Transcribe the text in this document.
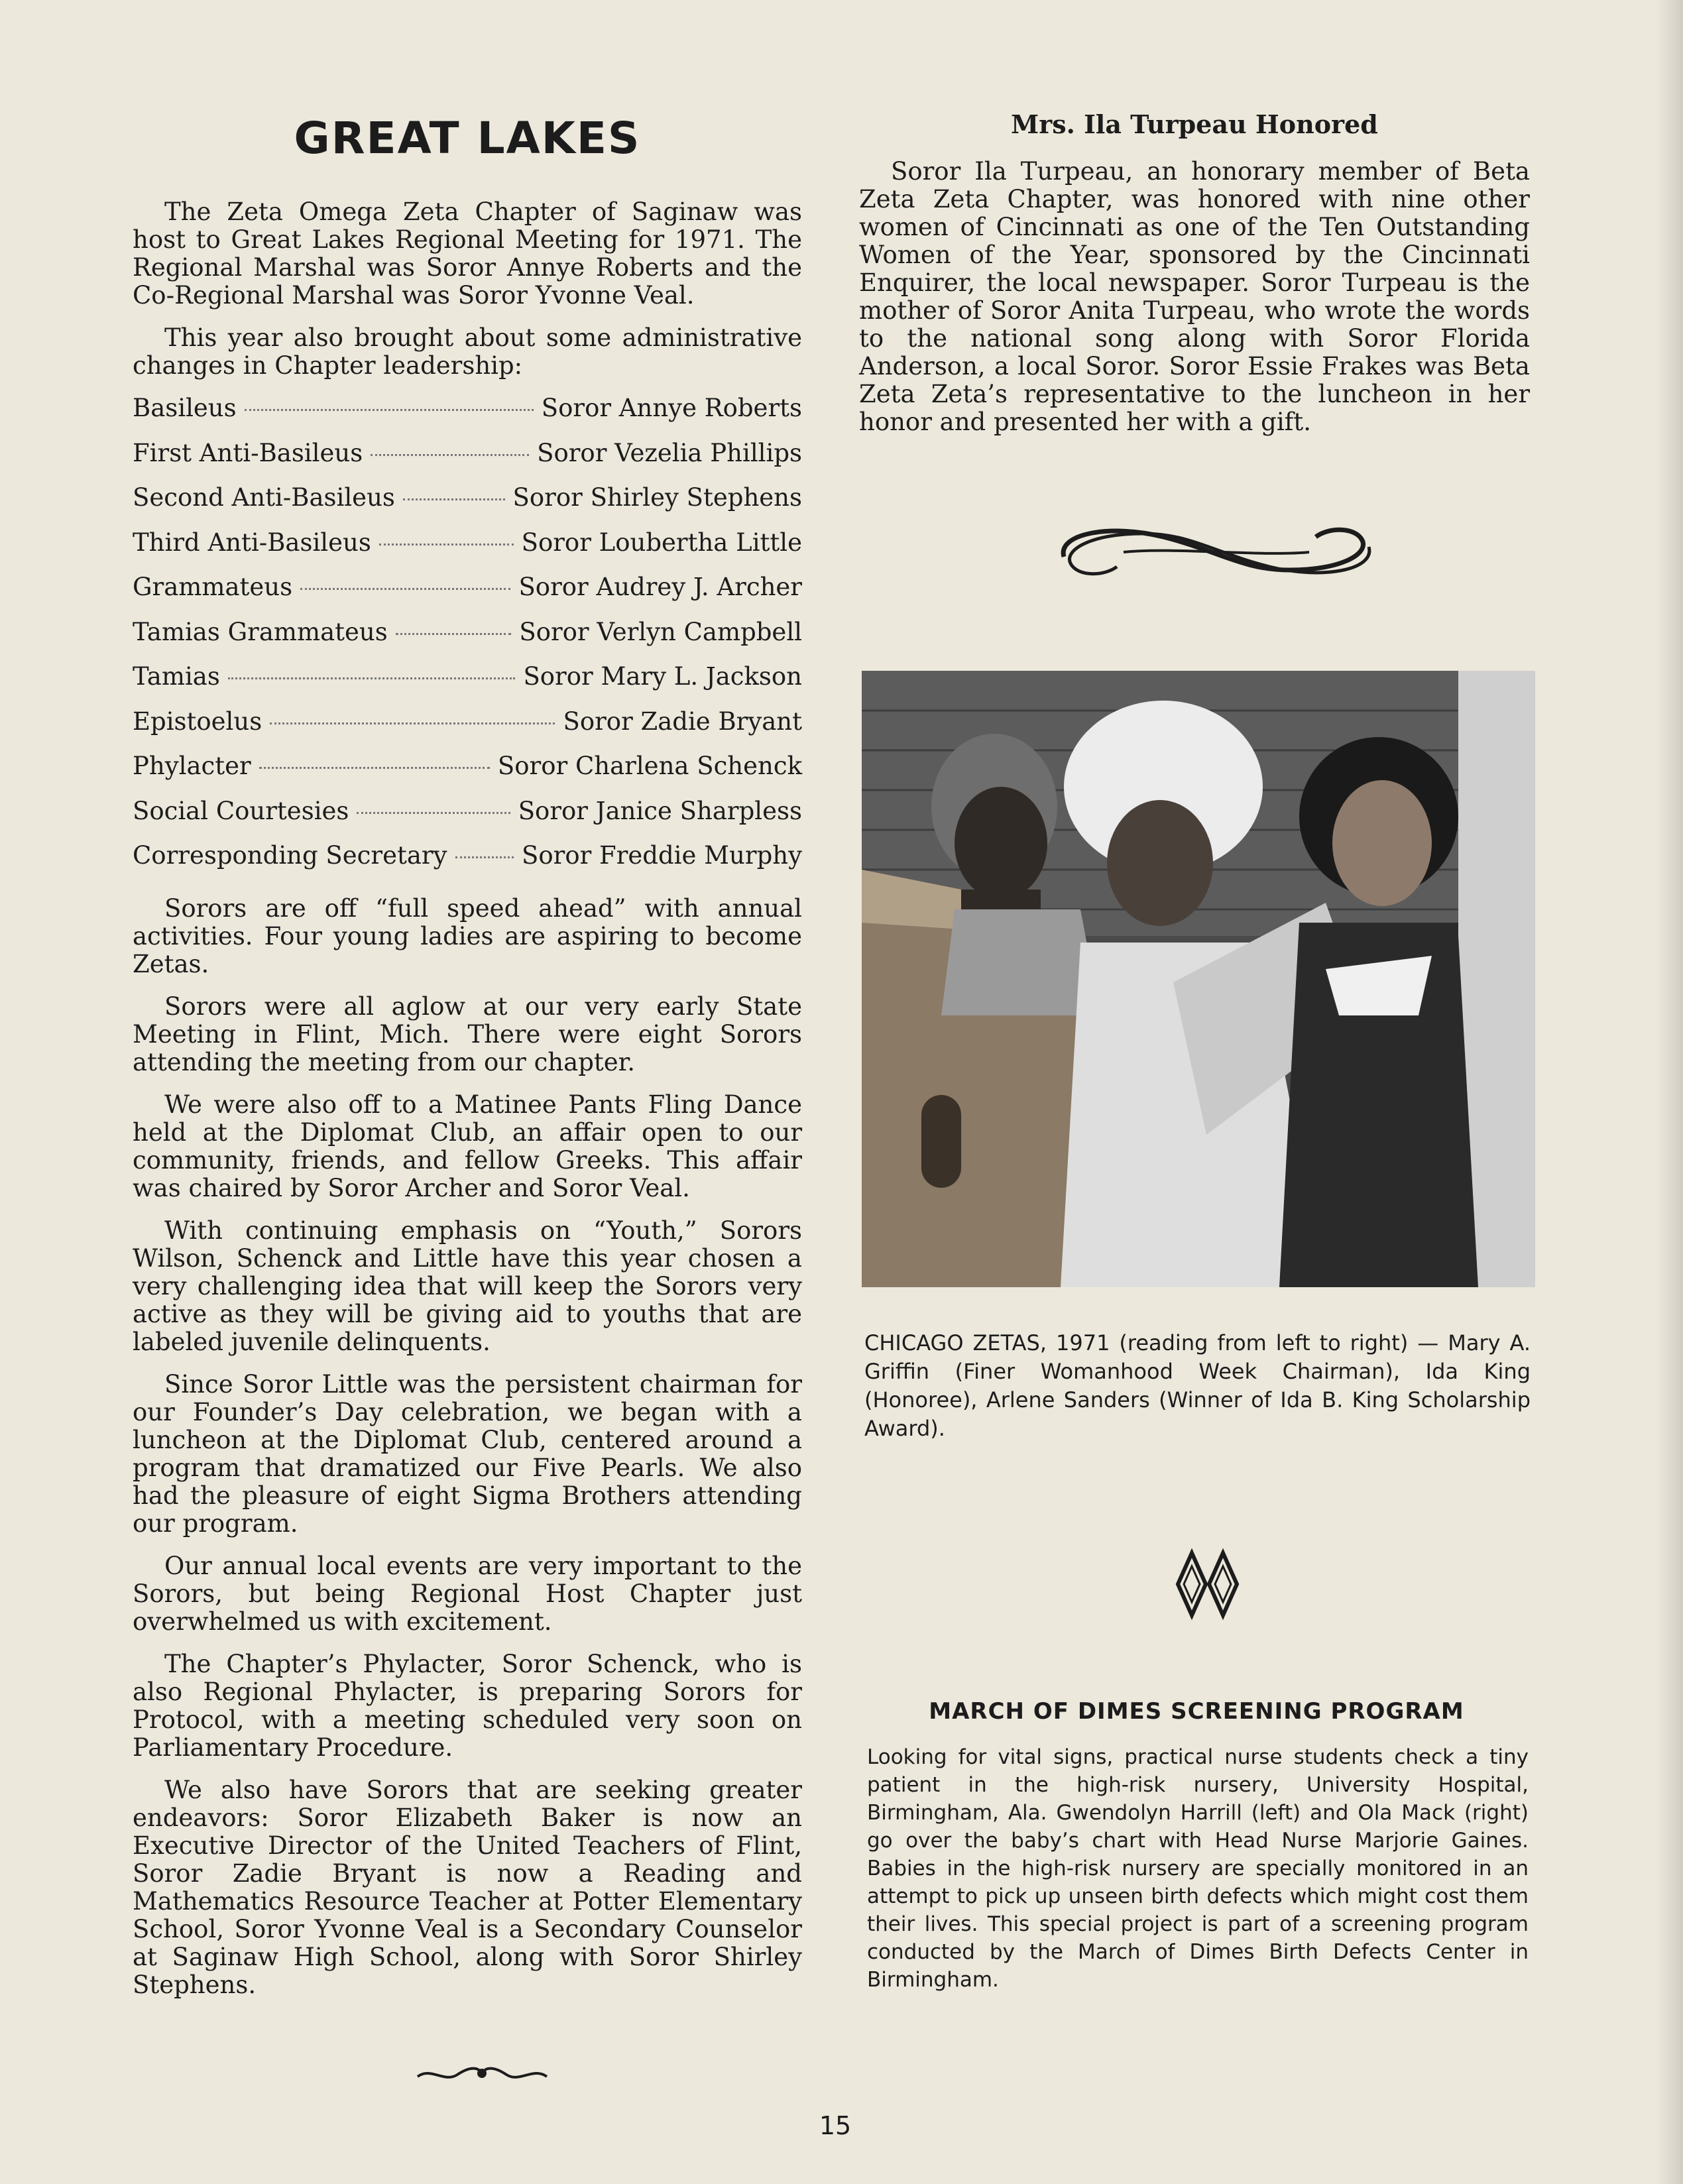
GREAT LAKES

The Zeta Omega Zeta Chapter of Saginaw was host to Great Lakes Regional Meeting for 1971. The Regional Marshal was Soror Annye Roberts and the Co-Regional Marshal was Soror Yvonne Veal.

This year also brought about some administrative changes in Chapter leadership:

Basileus	Soror Annye Roberts
First Anti-Basileus	Soror Vezelia Phillips
Second Anti-Basileus	Soror Shirley Stephens
Third Anti-Basileus	Soror Loubertha Little
Grammateus	Soror Audrey J. Archer
Tamias Grammateus	Soror Verlyn Campbell
Tamias	Soror Mary L. Jackson
Epistoelus	Soror Zadie Bryant
Phylacter	Soror Charlena Schenck
Social Courtesies	Soror Janice Sharpless
Corresponding Secretary	Soror Freddie Murphy

Sorors are off “full speed ahead” with annual activities. Four young ladies are aspiring to become Zetas.

Sorors were all aglow at our very early State Meeting in Flint, Mich. There were eight Sorors attending the meeting from our chapter.

We were also off to a Matinee Pants Fling Dance held at the Diplomat Club, an affair open to our community, friends, and fellow Greeks. This affair was chaired by Soror Archer and Soror Veal.

With continuing emphasis on “Youth,” Sorors Wilson, Schenck and Little have this year chosen a very challenging idea that will keep the Sorors very active as they will be giving aid to youths that are labeled juvenile delinquents.

Since Soror Little was the persistent chairman for our Founder’s Day celebration, we began with a luncheon at the Diplomat Club, centered around a program that dramatized our Five Pearls. We also had the pleasure of eight Sigma Brothers attending our program.

Our annual local events are very important to the Sorors, but being Regional Host Chapter just overwhelmed us with excitement.

The Chapter’s Phylacter, Soror Schenck, who is also Regional Phylacter, is preparing Sorors for Protocol, with a meeting scheduled very soon on Parliamentary Procedure.

We also have Sorors that are seeking greater endeavors: Soror Elizabeth Baker is now an Executive Director of the United Teachers of Flint, Soror Zadie Bryant is now a Reading and Mathematics Resource Teacher at Potter Elementary School, Soror Yvonne Veal is a Secondary Counselor at Saginaw High School, along with Soror Shirley Stephens.

Mrs. Ila Turpeau Honored

Soror Ila Turpeau, an honorary member of Beta Zeta Zeta Chapter, was honored with nine other women of Cincinnati as one of the Ten Outstanding Women of the Year, sponsored by the Cincinnati Enquirer, the local newspaper. Soror Turpeau is the mother of Soror Anita Turpeau, who wrote the words to the national song along with Soror Florida Anderson, a local Soror. Soror Essie Frakes was Beta Zeta Zeta’s representative to the luncheon in her honor and presented her with a gift.

CHICAGO ZETAS, 1971 (reading from left to right) — Mary A. Griffin (Finer Womanhood Week Chairman), Ida King (Honoree), Arlene Sanders (Winner of Ida B. King Scholarship Award).
MARCH OF DIMES SCREENING PROGRAM
Looking for vital signs, practical nurse students check a tiny patient in the high-risk nursery, University Hospital, Birmingham, Ala. Gwendolyn Harrill (left) and Ola Mack (right) go over the baby’s chart with Head Nurse Marjorie Gaines. Babies in the high-risk nursery are specially monitored in an attempt to pick up unseen birth defects which might cost them their lives. This special project is part of a screening program conducted by the March of Dimes Birth Defects Center in Birmingham.
15
